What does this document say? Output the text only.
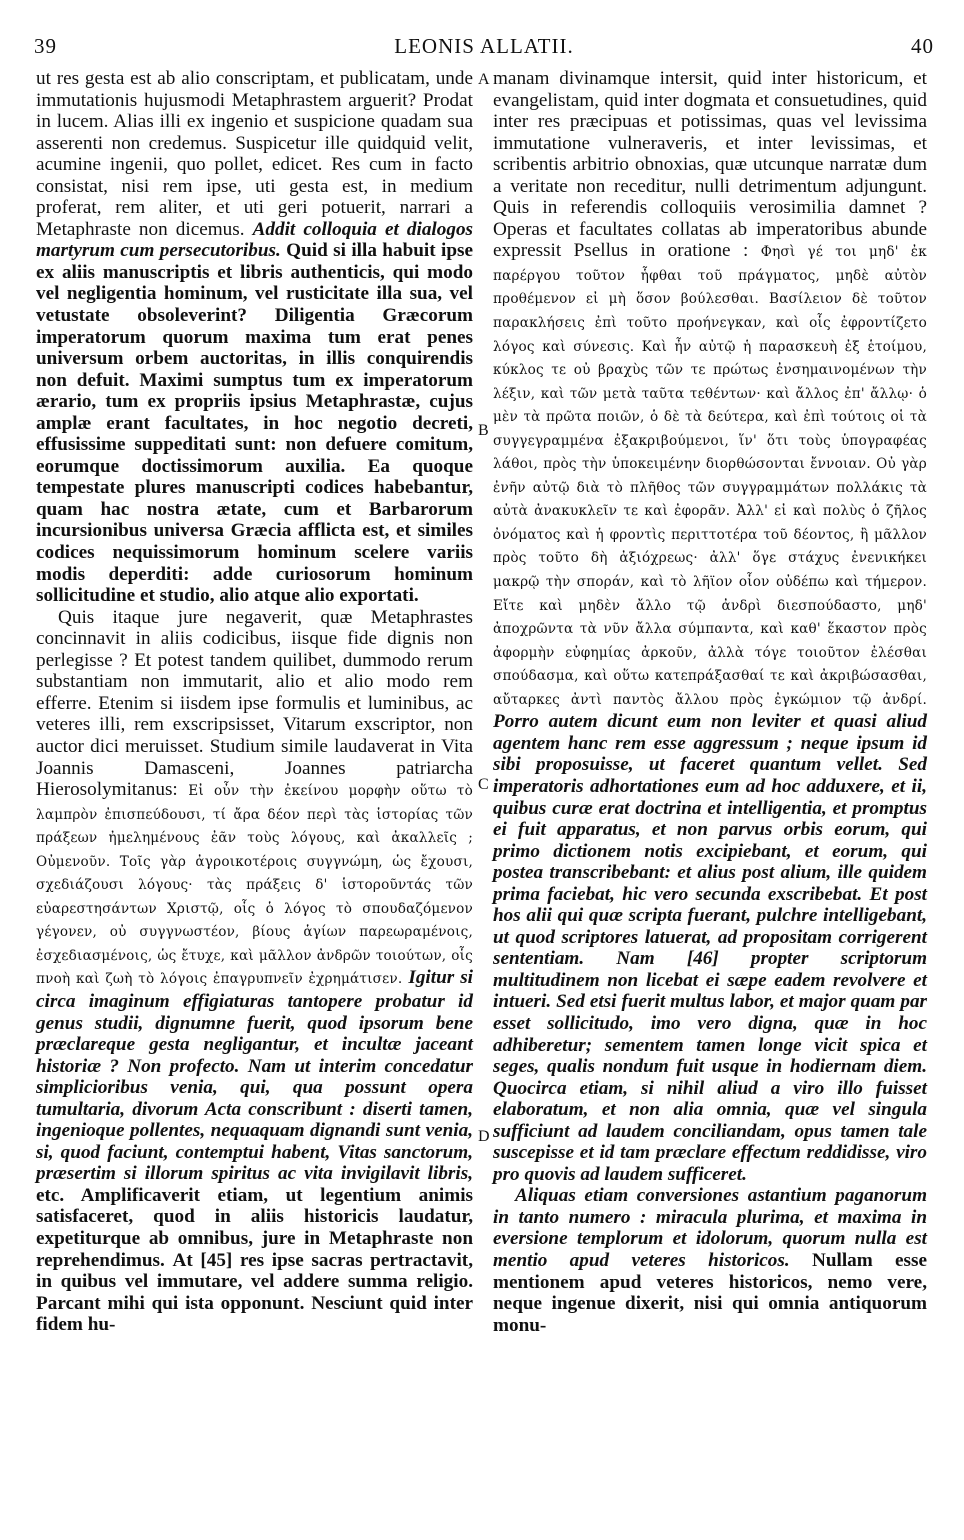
39	LEONIS ALLATII.	40
A
B
C
D

ut res gesta est ab alio conscriptam, et publicatam, unde immutationis hujusmodi Metaphrastem arguerit? Prodat in lucem. Alias illi ex ingenio et suspicione quadam sua asserenti non credemus. Suspicetur ille quidquid velit, acumine ingenii, quo pollet, edicet. Res cum in facto consistat, nisi rem ipse, uti gesta est, in medium proferat, rem aliter, et uti geri potuerit, narrari a Metaphraste non dicemus. Addit colloquia et dialogos martyrum cum persecutoribus. Quid si illa habuit ipse ex aliis manuscriptis et libris authenticis, qui modo vel negligentia hominum, vel rusticitate illa sua, vel vetustate obsoleverint? Diligentia Græcorum imperatorum quorum maxima tum erat penes universum orbem auctoritas, in illis conquirendis non defuit. Maximi sumptus tum ex imperatorum ærario, tum ex propriis ipsius Metaphrastæ, cujus amplæ erant facultates, in hoc negotio decreti, effusissime suppeditati sunt: non defuere comitum, eorumque doctissimorum auxilia. Ea quoque tempestate plures manuscripti codices habebantur, quam hac nostra ætate, cum et Barbarorum incursionibus universa Græcia afflicta est, et similes codices nequissimorum hominum scelere variis modis deperditi: adde curiosorum hominum sollicitudine et studio, alio atque alio exportati.

Quis itaque jure negaverit, quæ Metaphrastes concinnavit in aliis codicibus, iisque fide dignis non perlegisse ? Et potest tandem quilibet, dummodo rerum substantiam non immutarit, alio et alio modo rem efferre. Etenim si iisdem ipse formulis et luminibus, ac veteres illi, rem exscripsisset, Vitarum exscriptor, non auctor dici meruisset. Studium simile laudaverat in Vita Joannis Damasceni, Joannes patriarcha Hierosolymitanus: Εἰ οὖν τὴν ἐκείνου μορφὴν οὕτω τὸ λαμπρὸν ἐπισπεύδουσι, τί ἄρα δέον περὶ τὰς ἱστορίας τῶν πράξεων ἠμελημένους ἐᾶν τοὺς λόγους, καὶ ἀκαλλεῖς ; Οὐμενοῦν. Τοῖς γὰρ ἀγροικοτέροις συγγνώμη, ὡς ἔχουσι, σχεδιάζουσι λόγους· τὰς πράξεις δ' ἱστοροῦντάς τῶν εὐαρεστησάντων Χριστῷ, οἷς ὁ λόγος τὸ σπουδαζόμενον γέγονεν, οὐ συγγνωστέον, βίους ἁγίων παρεωραμένοις, ἐσχεδιασμένοις, ὡς ἔτυχε, καὶ μᾶλλον ἀνδρῶν τοιούτων, οἷς πνοὴ καὶ ζωὴ τὸ λόγοις ἐπαγρυπνεῖν ἐχρημάτισεν. Igitur si circa imaginum effigiaturas tantopere probatur id genus studii, dignumne fuerit, quod ipsorum bene præclareque gesta negligantur, et incultæ jaceant historiæ ? Non profecto. Nam ut interim concedatur simplicioribus venia, qui, qua possunt opera tumultaria, divorum Acta conscribunt : diserti tamen, ingenioque pollentes, nequaquam dignandi sunt venia, si, quod faciunt, contemptui habent, Vitas sanctorum, præsertim si illorum spiritus ac vita invigilavit libris, etc. Amplificaverit etiam, ut legentium animis satisfaceret, quod in aliis historicis laudatur, expetiturque ab omnibus, jure in Metaphraste non reprehendimus. At [45] res ipse sacras pertractavit, in quibus vel immutare, vel addere summa religio. Parcant mihi qui ista opponunt. Nesciunt quid inter fidem hu-

manam divinamque intersit, quid inter historicum, et evangelistam, quid inter dogmata et consuetudines, quid inter res præcipuas et potissimas, quas vel levissima immutatione vulneraveris, et inter levissimas, et scribentis arbitrio obnoxias, quæ utcunque narratæ dum a veritate non receditur, nulli detrimentum adjungunt. Quis in referendis colloquiis verosimilia damnet ? Operas et facultates collatas ab imperatoribus abunde expressit Psellus in oratione : Φησὶ γέ τοι μηδ' ἐκ παρέργου τοῦτον ἧφθαι τοῦ πράγματος, μηδὲ αὐτὸν προθέμενον εἰ μὴ ὅσον βούλεσθαι. Βασίλειον δὲ τοῦτον παρακλήσεις ἐπὶ τοῦτο προήνεγκαν, καὶ οἷς ἐφροντίζετο λόγος καὶ σύνεσις. Καὶ ἦν αὐτῷ ἡ παρασκευὴ ἐξ ἑτοίμου, κύκλος τε οὐ βραχὺς τῶν τε πρώτως ἐνσημαινομένων τὴν λέξιν, καὶ τῶν μετὰ ταῦτα τεθέντων· καὶ ἄλλος ἐπ' ἄλλῳ· ὁ μὲν τὰ πρῶτα ποιῶν, ὁ δὲ τὰ δεύτερα, καὶ ἐπὶ τούτοις οἱ τὰ συγγεγραμμένα ἐξακριβούμενοι, ἵν' ὅτι τοὺς ὑπογραφέας λάθοι, πρὸς τὴν ὑποκειμένην διορθώσονται ἔννοιαν. Οὐ γὰρ ἐνῆν αὐτῷ διὰ τὸ πλῆθος τῶν συγγραμμάτων πολλάκις τὰ αὐτὰ ἀνακυκλεῖν τε καὶ ἐφορᾶν. Ἀλλ' εἰ καὶ πολὺς ὁ ζῆλος ὀνόματος καὶ ἡ φροντὶς περιττοτέρα τοῦ δέοντος, ἢ μᾶλλον πρὸς τοῦτο δὴ ἀξιόχρεως· ἀλλ' ὅγε στάχυς ἐνενικήκει μακρῷ τὴν σποράν, καὶ τὸ λῆϊον οἷον οὐδέπω καὶ τήμερον. Εἴτε καὶ μηδὲν ἄλλο τῷ ἀνδρὶ διεσπούδαστο, μηδ' ἀποχρῶντα τὰ νῦν ἄλλα σύμπαντα, καὶ καθ' ἕκαστον πρὸς ἀφορμὴν εὐφημίας ἀρκοῦν, ἀλλὰ τόγε τοιοῦτον ἐλέσθαι σπούδασμα, καὶ οὕτω κατεπράξασθαί τε καὶ ἀκριβώσασθαι, αὔταρκες ἀντὶ παντὸς ἄλλου πρὸς ἐγκώμιον τῷ ἀνδρί. Porro autem dicunt eum non leviter et quasi aliud agentem hanc rem esse aggressum ; neque ipsum id sibi proposuisse, ut faceret quantum vellet. Sed imperatoris adhortationes eum ad hoc adduxere, et ii, quibus curæ erat doctrina et intelligentia, et promptus ei fuit apparatus, et non parvus orbis eorum, qui primo dictionem notis excipiebant, et eorum, qui postea transcribebant: et alius post alium, ille quidem prima faciebat, hic vero secunda exscribebat. Et post hos alii qui quæ scripta fuerant, pulchre intelligebant, ut quod scriptores latuerat, ad propositam corrigerent sententiam. Nam [46] propter scriptorum multitudinem non licebat ei sæpe eadem revolvere et intueri. Sed etsi fuerit multus labor, et major quam par esset sollicitudo, imo vero digna, quæ in hoc adhiberetur; sementem tamen longe vicit spica et seges, qualis nondum fuit usque in hodiernam diem. Quocirca etiam, si nihil aliud a viro illo fuisset elaboratum, et non alia omnia, quæ vel singula sufficiunt ad laudem conciliandam, opus tamen tale suscepisse et id tam præclare effectum reddidisse, viro pro quovis ad laudem sufficeret.

Aliquas etiam conversiones astantium paganorum in tanto numero : miracula plurima, et maxima in eversione templorum et idolorum, quorum nulla est mentio apud veteres historicos. Nullam esse mentionem apud veteres historicos, nemo vere, neque ingenue dixerit, nisi qui omnia antiquorum monu-
